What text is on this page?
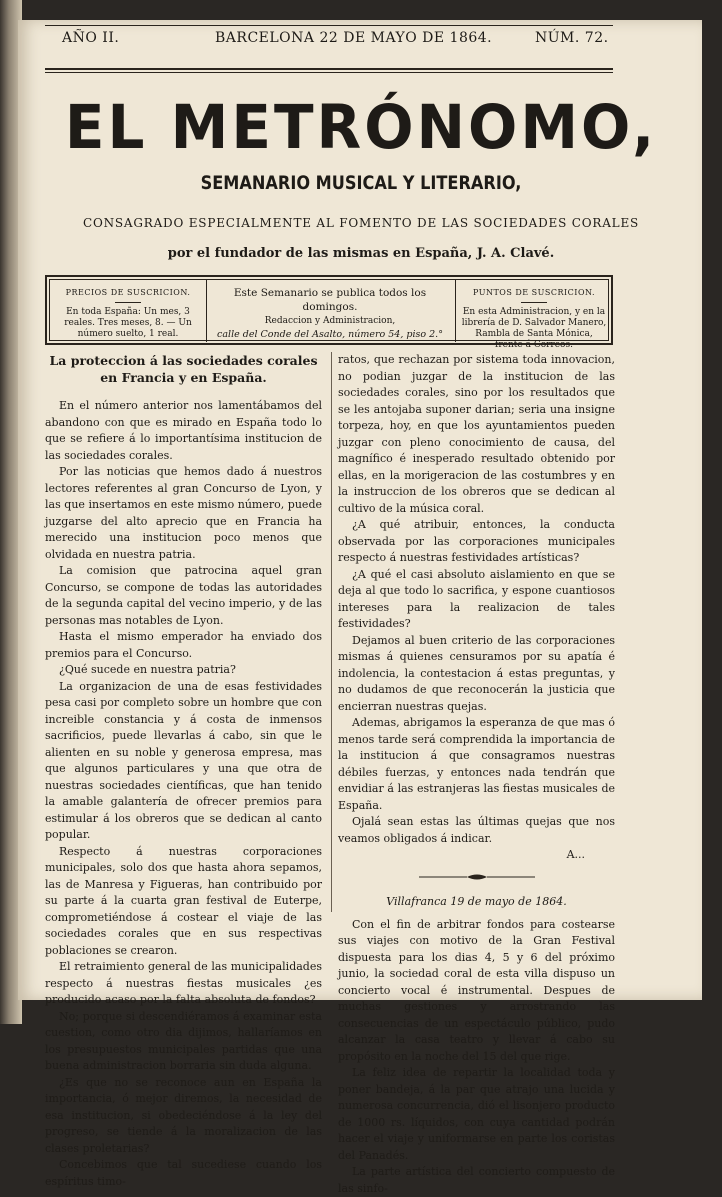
AÑO II.	BARCELONA 22 DE MAYO DE 1864.	NÚM. 72.
EL METRÓNOMO,
SEMANARIO MUSICAL Y LITERARIO,
CONSAGRADO ESPECIALMENTE AL FOMENTO DE LAS SOCIEDADES CORALES
por el fundador de las mismas en España, J. A. Clavé.
PRECIOS DE SUSCRICION.
En toda España: Un mes, 3 reales. Tres meses, 8. — Un número suelto, 1 real.
Este Semanario se publica todos los domingos.
Redaccion y Administracion,
calle del Conde del Asalto, número 54, piso 2.°
PUNTOS DE SUSCRICION.
En esta Administracion, y en la librería de D. Salvador Manero, Rambla de Santa Mónica, frente á Correos.
La proteccion á las sociedades corales en Francia y en España.

En el número anterior nos lamentábamos del abandono con que es mirado en España todo lo que se refiere á lo importantísima institucion de las sociedades corales.

Por las noticias que hemos dado á nuestros lectores referentes al gran Concurso de Lyon, y las que insertamos en este mismo número, puede juzgarse del alto aprecio que en Francia ha merecido una institucion poco menos que olvidada en nuestra patria.

La comision que patrocina aquel gran Concurso, se compone de todas las autoridades de la segunda capital del vecino imperio, y de las personas mas notables de Lyon.

Hasta el mismo emperador ha enviado dos premios para el Concurso.

¿Qué sucede en nuestra patria?

La organizacion de una de esas festividades pesa casi por completo sobre un hombre que con increible constancia y á costa de inmensos sacrificios, puede llevarlas á cabo, sin que le alienten en su noble y generosa empresa, mas que algunos particulares y una que otra de nuestras sociedades científicas, que han tenido la amable galantería de ofrecer premios para estimular á los obreros que se dedican al canto popular.

Respecto á nuestras corporaciones municipales, solo dos que hasta ahora sepamos, las de Manresa y Figueras, han contribuido por su parte á la cuarta gran festival de Euterpe, comprometiéndose á costear el viaje de las sociedades corales que en sus respectivas poblaciones se crearon.

El retraimiento general de las municipalidades respecto á nuestras fiestas musicales ¿es producido acaso por la falta absoluta de fondos?

No; porque si descendiéramos á examinar esta cuestion, como otro dia dijimos, hallaríamos en los presupuestos municipales partidas que una buena administracion borraria sin duda alguna.

¿Es que no se reconoce aun en España la importancia, ó mejor diremos, la necesidad de esa institucion, si obedeciéndose á la ley del progreso, se tiende á la moralizacion de las clases proletarias?

Concebimos que tal sucediese cuando los espíritus timo-

ratos, que rechazan por sistema toda innovacion, no podian juzgar de la institucion de las sociedades corales, sino por los resultados que se les antojaba suponer darian; seria una insigne torpeza, hoy, en que los ayuntamientos pueden juzgar con pleno conocimiento de causa, del magnífico é inesperado resultado obtenido por ellas, en la morigeracion de las costumbres y en la instruccion de los obreros que se dedican al cultivo de la música coral.

¿A qué atribuir, entonces, la conducta observada por las corporaciones municipales respecto á nuestras festividades artísticas?

¿A qué el casi absoluto aislamiento en que se deja al que todo lo sacrifica, y espone cuantiosos intereses para la realizacion de tales festividades?

Dejamos al buen criterio de las corporaciones mismas á quienes censuramos por su apatía é indolencia, la contestacion á estas preguntas, y no dudamos de que reconocerán la justicia que encierran nuestras quejas.

Ademas, abrigamos la esperanza de que mas ó menos tarde será comprendida la importancia de la institucion á que consagramos nuestras débiles fuerzas, y entonces nada tendrán que envidiar á las estranjeras las fiestas musicales de España.

Ojalá sean estas las últimas quejas que nos veamos obligados á indicar.

A...

Villafranca 19 de mayo de 1864.

Con el fin de arbitrar fondos para costearse sus viajes con motivo de la Gran Festival dispuesta para los dias 4, 5 y 6 del próximo junio, la sociedad coral de esta villa dispuso un concierto vocal é instrumental. Despues de muchas gestiones y arrostrando las consecuencias de un espectáculo público, pudo alcanzar la casa teatro y llevar á cabo su propósito en la noche del 15 del que rige.

La feliz idea de repartir la localidad toda y poner bandeja, á la par que atrajo una lucida y numerosa concurrencia, dió el lisonjero producto de 1000 rs. líquidos, con cuya cantidad podrán hacer el viaje y uniformarse en parte los coristas del Panadés.

La parte artística del concierto compuesto de las sinfo-
